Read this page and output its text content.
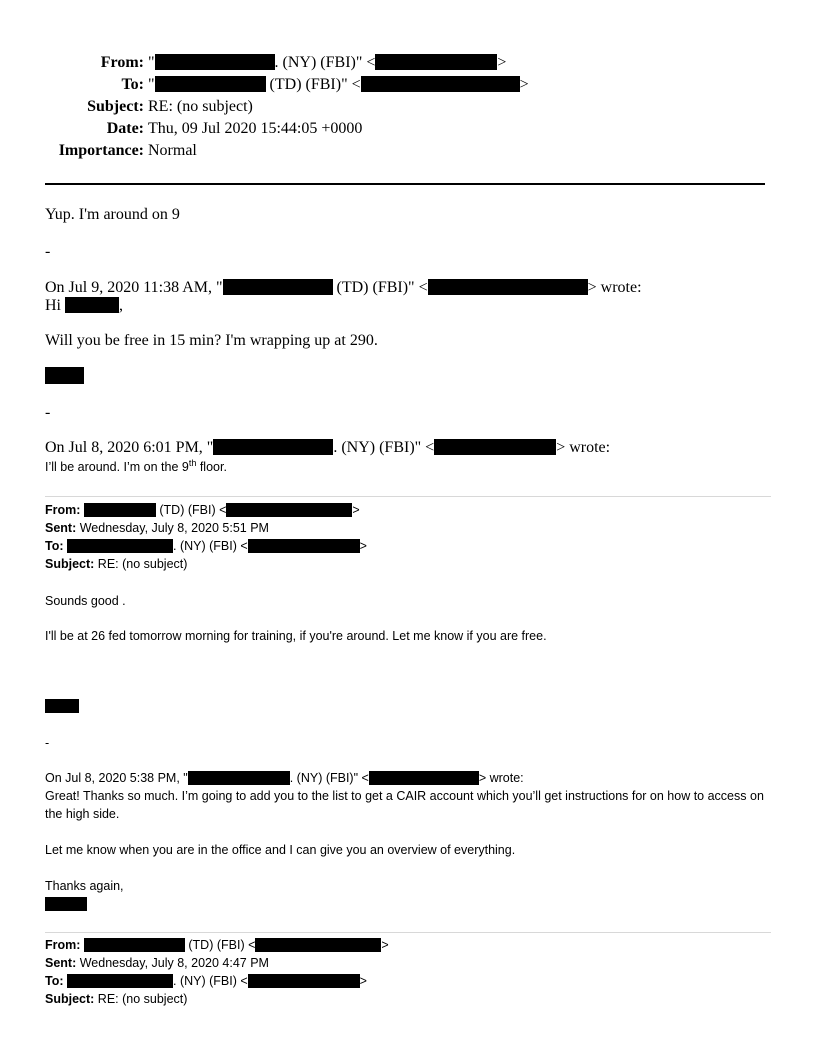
From: "	. (NY) (FBI)" <	>
To: "	(TD) (FBI)" <	>
Subject: RE: (no subject)
Date: Thu, 09 Jul 2020 15:44:05 +0000
Importance: Normal
Yup. I'm around on 9
-
On Jul 9, 2020 11:38 AM, "	(TD) (FBI)" <	> wrote:
Hi	,
Will you be free in 15 min? I'm wrapping up at 290.
-
On Jul 8, 2020 6:01 PM, "	. (NY) (FBI)" <	> wrote:
I’ll be around. I’m on the 9th floor.
From:	(TD) (FBI) <	>
Sent: Wednesday, July 8, 2020 5:51 PM
To:	. (NY) (FBI) <	>
Subject: RE: (no subject)
Sounds good .
I'll be at 26 fed tomorrow morning for training, if you're around. Let me know if you are free.
-
On Jul 8, 2020 5:38 PM, "	. (NY) (FBI)" <	> wrote:
Great! Thanks so much. I’m going to add you to the list to get a CAIR account which you’ll get instructions for on how to access on the high side.
Let me know when you are in the office and I can give you an overview of everything.
Thanks again,
From:	(TD) (FBI) <	>
Sent: Wednesday, July 8, 2020 4:47 PM
To:	. (NY) (FBI) <	>
Subject: RE: (no subject)
